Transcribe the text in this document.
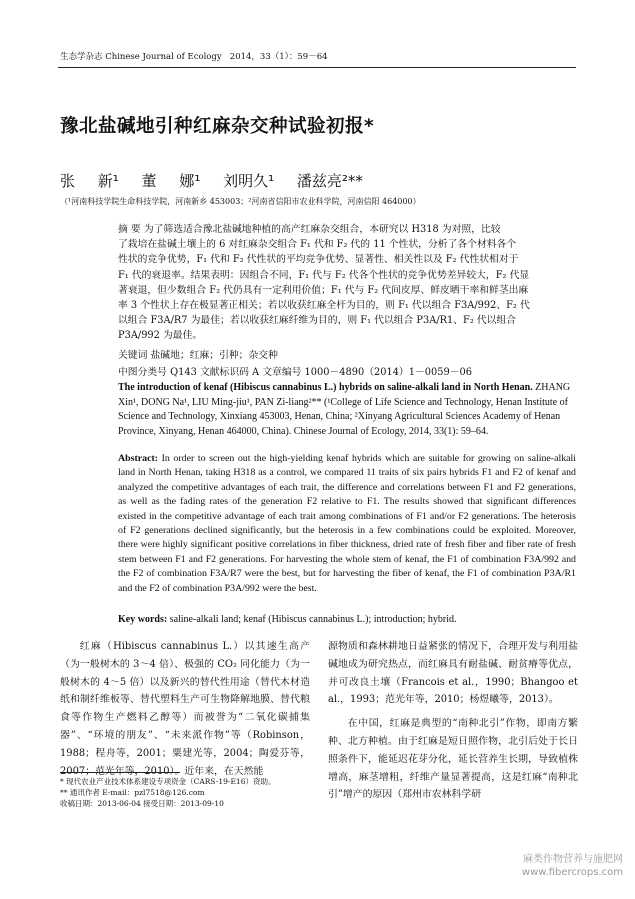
生态学杂志 Chinese Journal of Ecology 2014，33（1）：59－64
豫北盐碱地引种红麻杂交种试验初报*
张 新¹ 董 娜¹ 刘明久¹ 潘兹亮²**
（¹河南科技学院生命科技学院，河南新乡 453003；²河南省信阳市农业科学院，河南信阳 464000）
摘 要 为了筛选适合豫北盐碱地种植的高产红麻杂交组合，本研究以 H318 为对照，比较
了栽培在盐碱土壤上的 6 对红麻杂交组合 F₁ 代和 F₂ 代的 11 个性状，分析了各个材料各个
性状的竞争优势，F₁ 代和 F₂ 代性状的平均竞争优势、显著性、相关性以及 F₂ 代性状相对于
F₁ 代的衰退率。结果表明：因组合不同，F₁ 代与 F₂ 代各个性状的竞争优势差异较大，F₂ 代显
著衰退，但少数组合 F₂ 代仍具有一定利用价值；F₁ 代与 F₂ 代间皮厚、鲜皮晒干率和鲜茎出麻
率 3 个性状上存在极显著正相关；若以收获红麻全杆为目的，则 F₁ 代以组合 F3A/992、F₂ 代
以组合 F3A/R7 为最佳；若以收获红麻纤维为目的，则 F₁ 代以组合 P3A/R1、F₂ 代以组合
P3A/992 为最佳。
关键词 盐碱地；红麻；引种；杂交种
中图分类号 Q143 文献标识码 A 文章编号 1000－4890（2014）1－0059－06
The introduction of kenaf (Hibiscus cannabinus L.) hybrids on saline-alkali land in North Henan. ZHANG Xin¹, DONG Na¹, LIU Ming-jiu¹, PAN Zi-liang²** (¹College of Life Science and Technology, Henan Institute of Science and Technology, Xinxiang 453003, Henan, China; ²Xinyang Agricultural Sciences Academy of Henan Province, Xinyang, Henan 464000, China). Chinese Journal of Ecology, 2014, 33(1): 59–64.
Abstract: In order to screen out the high-yielding kenaf hybrids which are suitable for growing on saline-alkali land in North Henan, taking H318 as a control, we compared 11 traits of six pairs hybrids F1 and F2 of kenaf and analyzed the competitive advantages of each trait, the difference and correlations between F1 and F2 generations, as well as the fading rates of the generation F2 relative to F1. The results showed that significant differences existed in the competitive advantage of each trait among combinations of F1 and/or F2 generations. The heterosis of F2 generations declined significantly, but the heterosis in a few combinations could be exploited. Moreover, there were highly significant positive correlations in fiber thickness, dried rate of fresh fiber and fiber rate of fresh stem between F1 and F2 generations. For harvesting the whole stem of kenaf, the F1 of combination F3A/992 and the F2 of combination F3A/R7 were the best, but for harvesting the fiber of kenaf, the F1 of combination P3A/R1 and the F2 of combination P3A/992 were the best.
Key words: saline-alkali land; kenaf (Hibiscus cannabinus L.); introduction; hybrid.
红麻（Hibiscus cannabinus L.）以其速生高产（为一般树木的 3～4 倍）、极强的 CO₂ 同化能力（为一般树木的 4～5 倍）以及新兴的替代性用途（替代木材造纸和制纤维板等、替代塑料生产可生物降解地膜、替代粮食等作物生产燃料乙醇等）而被誉为“二氧化碳捕集器”、“环境的朋友”、“未来派作物”等（Robinson，1988；程舟等，2001；粟建光等，2004；陶爱芬等，2007；范光年等，2010）。近年来，在天然能
源物质和森林耕地日益紧张的情况下，合理开发与利用盐碱地成为研究热点，而红麻具有耐盐碱、耐贫瘠等优点，并可改良土壤（Francois et al.，1990；Bhangoo et al.，1993；范光年等，2010；杨煜曦等，2013）。
在中国，红麻是典型的“南种北引”作物，即南方繁种、北方种植。由于红麻是短日照作物，北引后处于长日照条件下，能延迟花芽分化，延长营养生长期，导致植株增高，麻茎增粗，纤维产量显著提高，这是红麻“南种北引”增产的原因（郑州市农林科学研
* 现代农业产业技术体系建设专项资金（CARS-19-E16）资助。
** 通讯作者 E-mail：pzl7518@126.com
收稿日期：2013-06-04 接受日期：2013-09-10
麻类作物营养与施肥网
www.fibercrops.com
